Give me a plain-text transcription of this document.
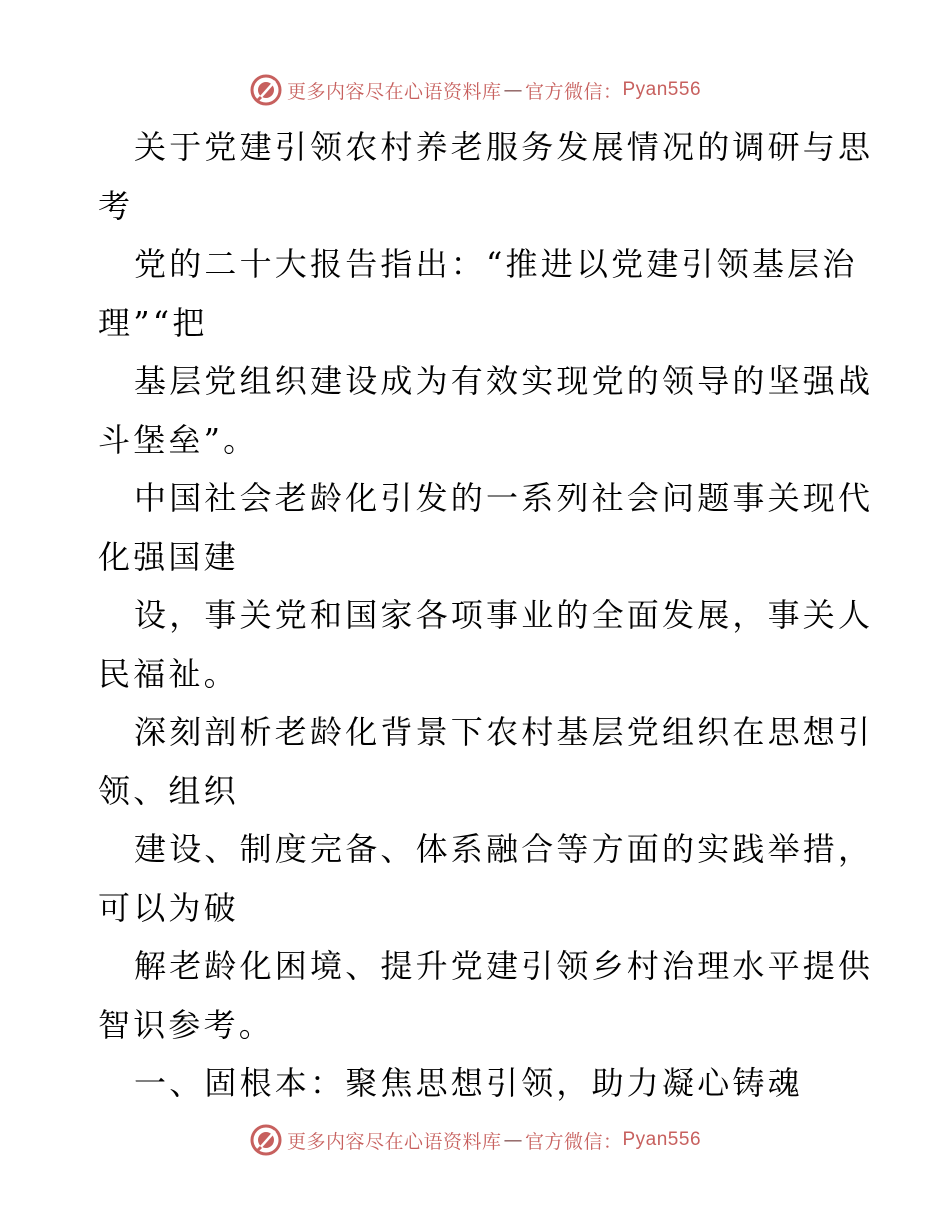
更多内容尽在心语资料库 — 官方微信： Pyan556
关于党建引领农村养老服务发展情况的调研与思
考
党的二十大报告指出：“推进以党建引领基层治
理”“把
基层党组织建设成为有效实现党的领导的坚强战
斗堡垒”。
中国社会老龄化引发的一系列社会问题事关现代
化强国建
设，事关党和国家各项事业的全面发展，事关人
民福祉。
深刻剖析老龄化背景下农村基层党组织在思想引
领、组织
建设、制度完备、体系融合等方面的实践举措，
可以为破
解老龄化困境、提升党建引领乡村治理水平提供
智识参考。
一、固根本：聚焦思想引领，助力凝心铸魂
更多内容尽在心语资料库 — 官方微信： Pyan556
